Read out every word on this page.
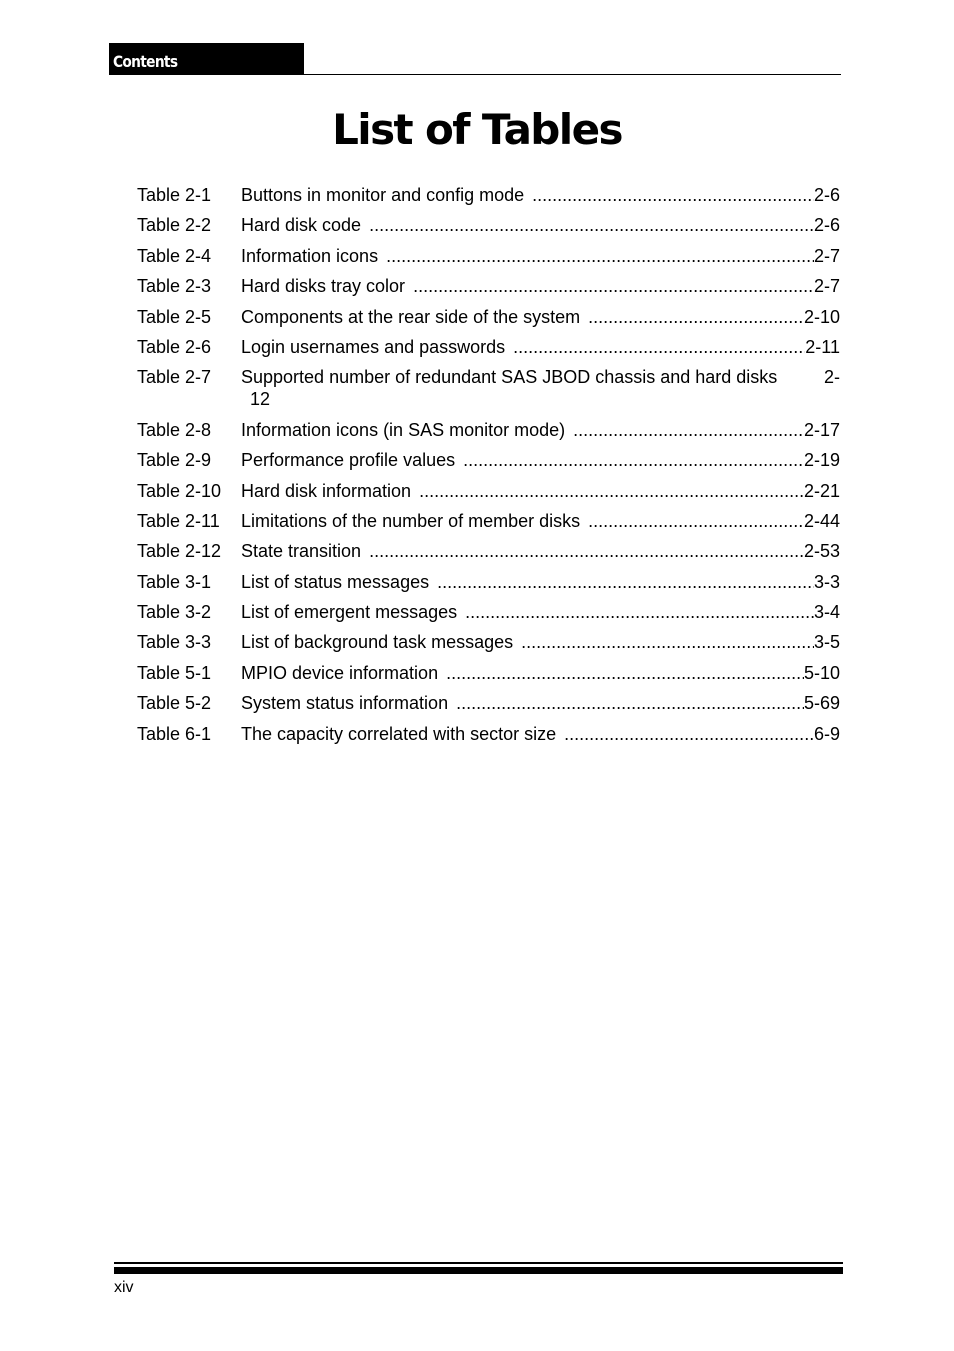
Contents
List of Tables
Table 2-1	Buttons in monitor and config mode .....	2-6
Table 2-2	Hard disk code .....	2-6
Table 2-4	Information icons .....	2-7
Table 2-3	Hard disks tray color .....	2-7
Table 2-5	Components at the rear side of the system .....	2-10
Table 2-6	Login usernames and passwords .....	2-11
Table 2-7	Supported number of redundant SAS JBOD chassis and hard disks	2-
12
Table 2-8	Information icons (in SAS monitor mode) .....	2-17
Table 2-9	Performance profile values .....	2-19
Table 2-10	Hard disk information .....	2-21
Table 2-11	Limitations of the number of member disks .....	2-44
Table 2-12	State transition .....	2-53
Table 3-1	List of status messages .....	3-3
Table 3-2	List of emergent messages .....	3-4
Table 3-3	List of background task messages .....	3-5
Table 5-1	MPIO device information .....	5-10
Table 5-2	System status information .....	5-69
Table 6-1	The capacity correlated with sector size .....	6-9
xiv
